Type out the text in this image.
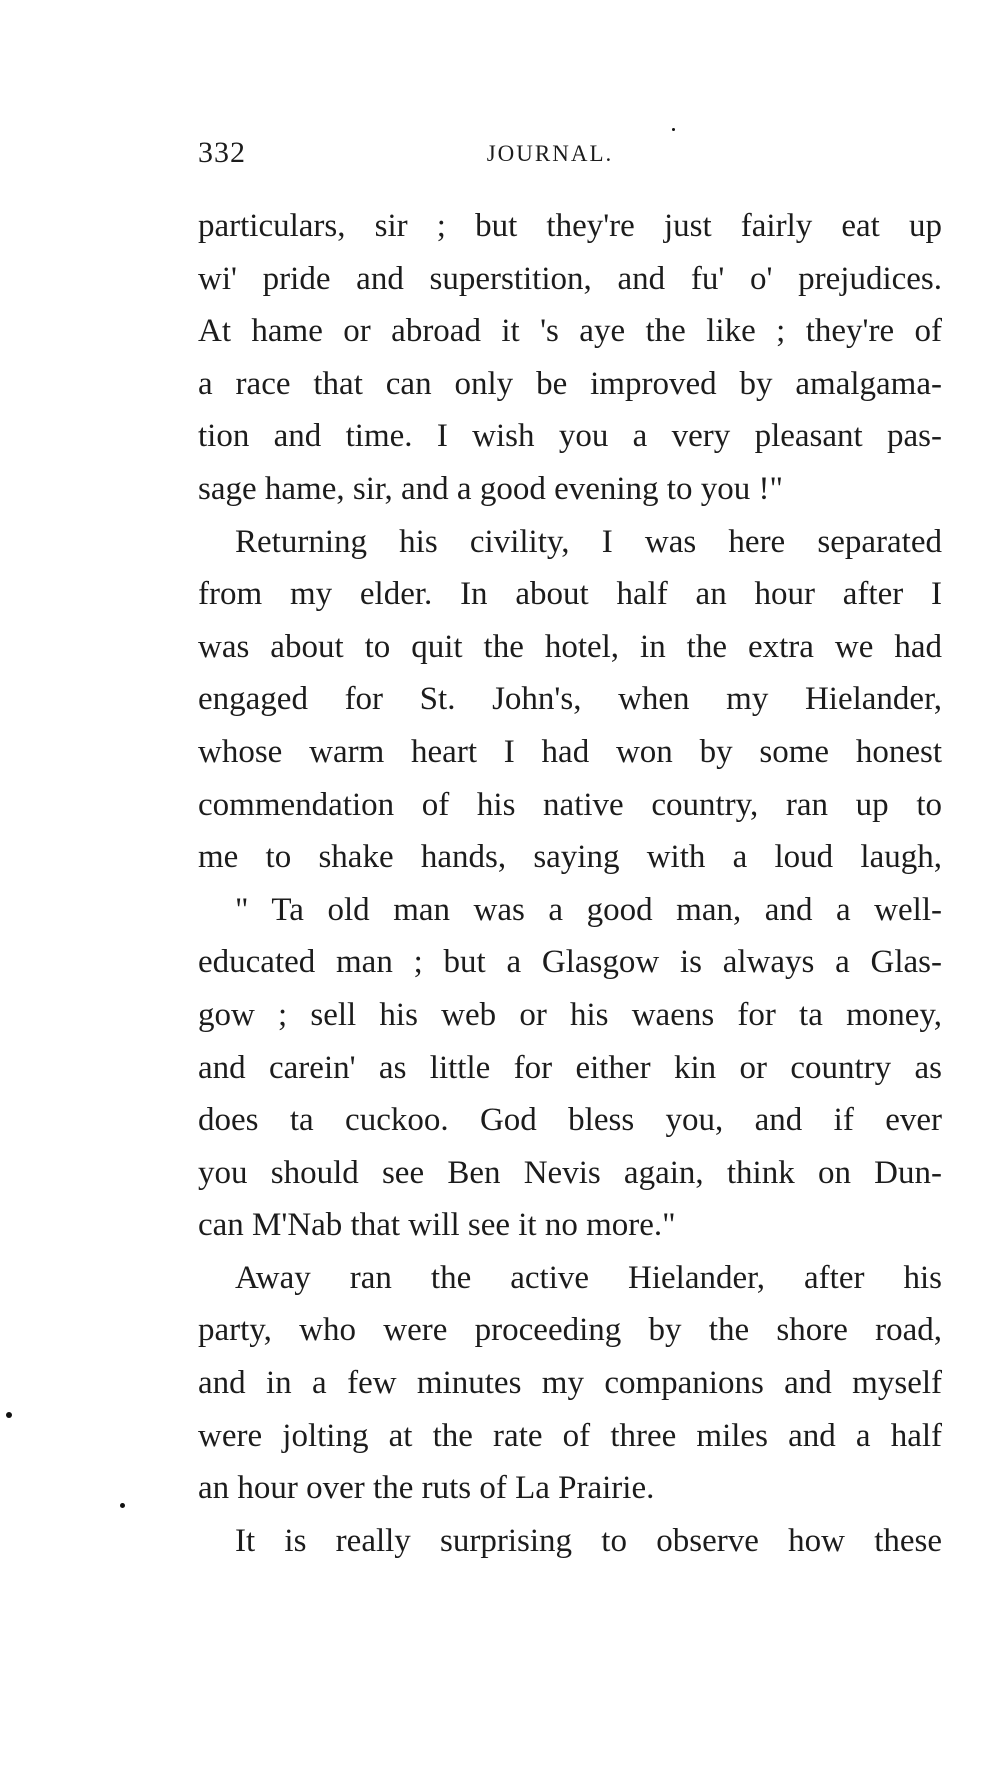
332	JOURNAL.

particulars, sir ; but they're just fairly eat up
wi' pride and superstition, and fu' o' prejudices.
At hame or abroad it 's aye the like ; they're of
a race that can only be improved by amalgama-
tion and time. I wish you a very pleasant pas-
sage hame, sir, and a good evening to you !"

Returning his civility, I was here separated
from my elder. In about half an hour after I
was about to quit the hotel, in the extra we had
engaged for St. John's, when my Hielander,
whose warm heart I had won by some honest
commendation of his native country, ran up to
me to shake hands, saying with a loud laugh,

" Ta old man was a good man, and a well-
educated man ; but a Glasgow is always a Glas-
gow ; sell his web or his waens for ta money,
and carein' as little for either kin or country as
does ta cuckoo. God bless you, and if ever
you should see Ben Nevis again, think on Dun-
can M'Nab that will see it no more."

Away ran the active Hielander, after his
party, who were proceeding by the shore road,
and in a few minutes my companions and myself
were jolting at the rate of three miles and a half
an hour over the ruts of La Prairie.

It is really surprising to observe how these
